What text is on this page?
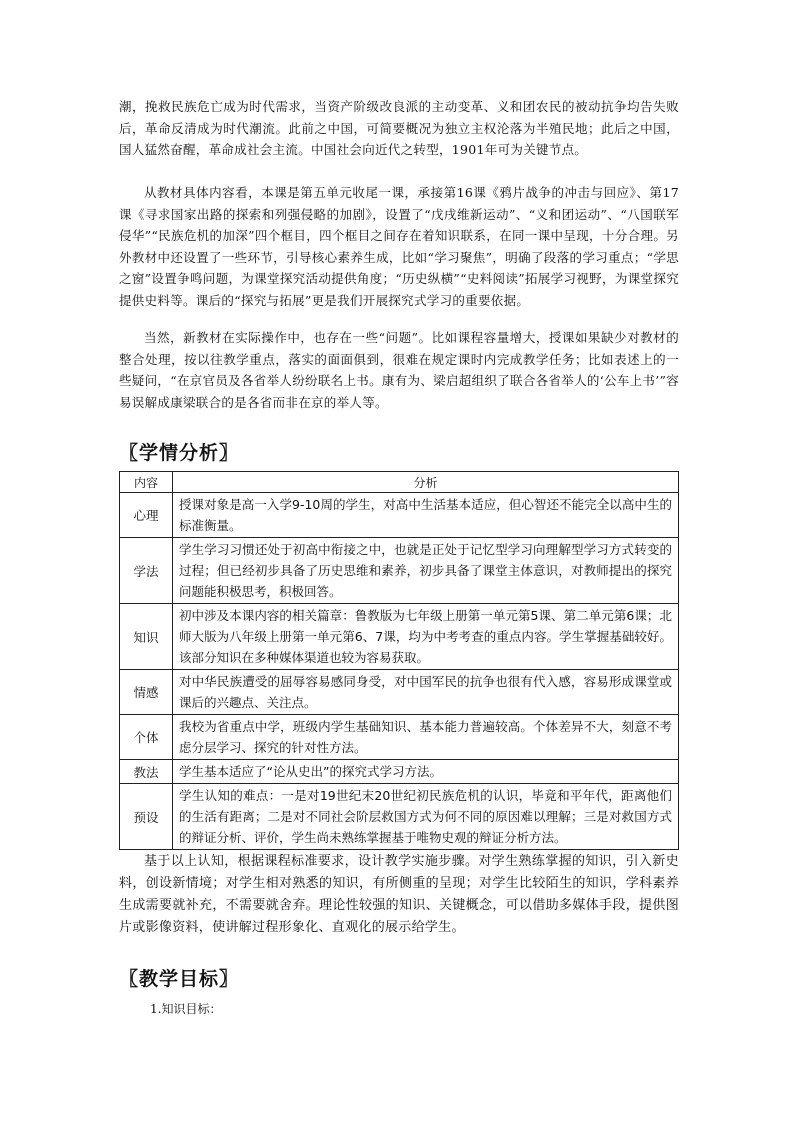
潮，挽救民族危亡成为时代需求，当资产阶级改良派的主动变革、义和团农民的被动抗争均告失败后，革命反清成为时代潮流。此前之中国，可简要概况为独立主权沦落为半殖民地；此后之中国，国人猛然奋醒，革命成社会主流。中国社会向近代之转型，1901年可为关键节点。

从教材具体内容看，本课是第五单元收尾一课，承接第16课《鸦片战争的冲击与回应》、第17课《寻求国家出路的探索和列强侵略的加剧》，设置了“戊戌维新运动”、“义和团运动”、“八国联军侵华”“民族危机的加深”四个框目，四个框目之间存在着知识联系，在同一课中呈现，十分合理。另外教材中还设置了一些环节，引导核心素养生成，比如“学习聚焦”，明确了段落的学习重点；“学思之窗”设置争鸣问题，为课堂探究活动提供角度；“历史纵横”“史料阅读”拓展学习视野，为课堂探究提供史料等。课后的“探究与拓展”更是我们开展探究式学习的重要依据。

当然，新教材在实际操作中，也存在一些“问题”。比如课程容量增大，授课如果缺少对教材的整合处理，按以往教学重点，落实的面面俱到，很难在规定课时内完成教学任务；比如表述上的一些疑问，“在京官员及各省举人纷纷联名上书。康有为、梁启超组织了联合各省举人的‘公车上书’”容易误解成康梁联合的是各省而非在京的举人等。

〖学情分析〗
内容	分析
心理	授课对象是高一入学9-10周的学生，对高中生活基本适应，但心智还不能完全以高中生的标准衡量。
学法	学生学习习惯还处于初高中衔接之中，也就是正处于记忆型学习向理解型学习方式转变的过程；但已经初步具备了历史思维和素养，初步具备了课堂主体意识，对教师提出的探究问题能积极思考，积极回答。
知识	初中涉及本课内容的相关篇章：鲁教版为七年级上册第一单元第5课、第二单元第6课；北师大版为八年级上册第一单元第6、7课，均为中考考查的重点内容。学生掌握基础较好。该部分知识在多种媒体渠道也较为容易获取。
情感	对中华民族遭受的屈辱容易感同身受，对中国军民的抗争也很有代入感，容易形成课堂或课后的兴趣点、关注点。
个体	我校为省重点中学，班级内学生基础知识、基本能力普遍较高。个体差异不大，刻意不考虑分层学习、探究的针对性方法。
教法	学生基本适应了“论从史出”的探究式学习方法。
预设	学生认知的难点：一是对19世纪末20世纪初民族危机的认识，毕竟和平年代，距离他们的生活有距离；二是对不同社会阶层救国方式为何不同的原因难以理解；三是对救国方式的辩证分析、评价，学生尚未熟练掌握基于唯物史观的辩证分析方法。

基于以上认知，根据课程标准要求，设计教学实施步骤。对学生熟练掌握的知识，引入新史料，创设新情境；对学生相对熟悉的知识，有所侧重的呈现；对学生比较陌生的知识，学科素养生成需要就补充，不需要就舍弃。理论性较强的知识、关键概念，可以借助多媒体手段，提供图片或影像资料，使讲解过程形象化、直观化的展示给学生。

〖教学目标〗

1.知识目标：
